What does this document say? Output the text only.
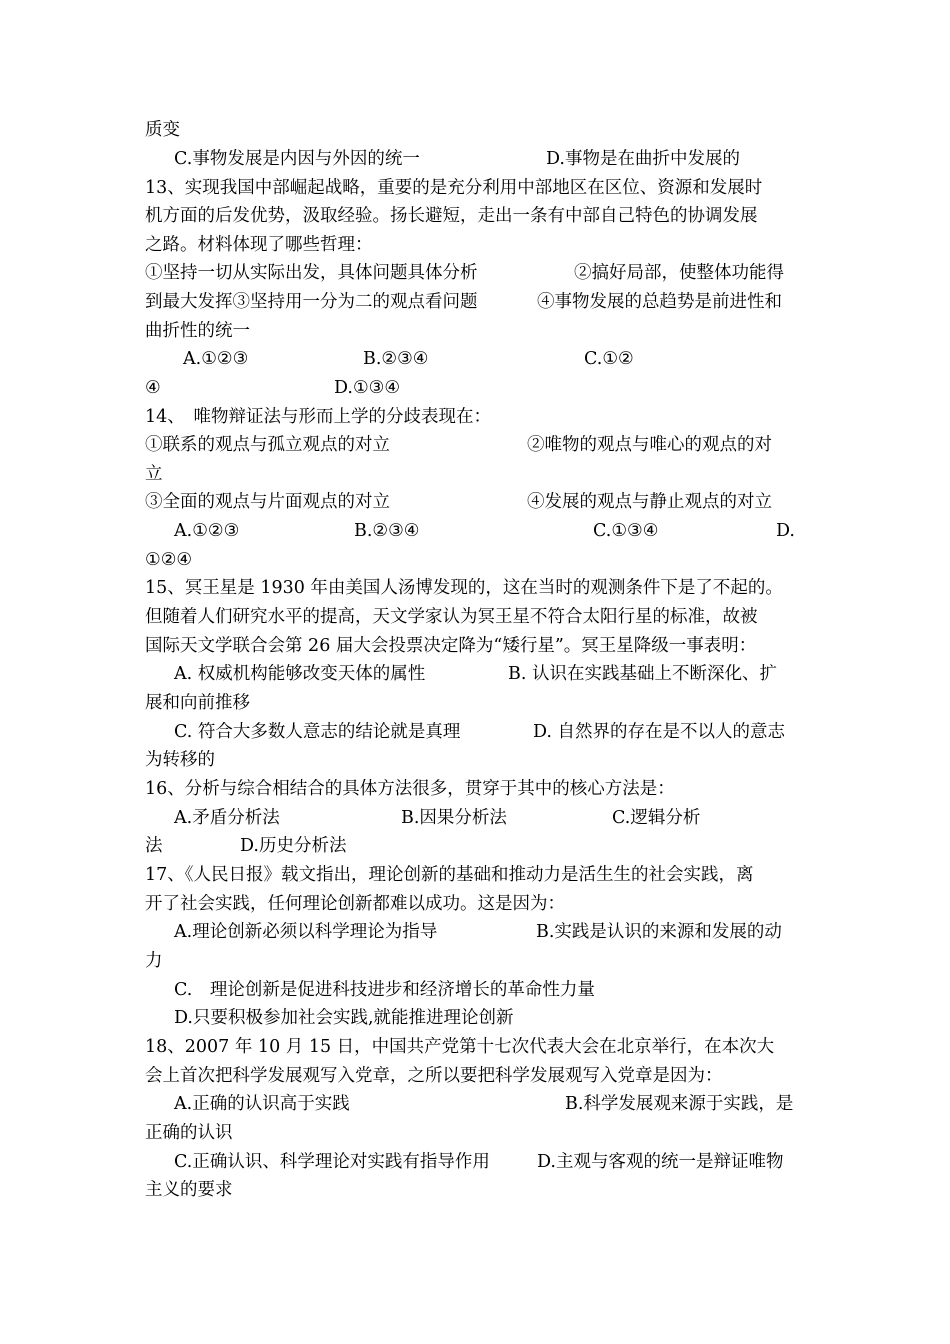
质变
C.事物发展是内因与外因的统一	D.事物是在曲折中发展的
13、实现我国中部崛起战略，重要的是充分利用中部地区在区位、资源和发展时
机方面的后发优势，汲取经验。扬长避短，走出一条有中部自己特色的协调发展
之路。材料体现了哪些哲理：
①坚持一切从实际出发，具体问题具体分析	②搞好局部，使整体功能得
到最大发挥③坚持用一分为二的观点看问题	④事物发展的总趋势是前进性和
曲折性的统一
A.①②③	B.②③④	C.①②
④	D.①③④
14、　唯物辩证法与形而上学的分歧表现在：
①联系的观点与孤立观点的对立	②唯物的观点与唯心的观点的对
立
③全面的观点与片面观点的对立	④发展的观点与静止观点的对立
A.①②③	B.②③④	C.①③④	D.
①②④
15、冥王星是 1930 年由美国人汤博发现的，这在当时的观测条件下是了不起的。
但随着人们研究水平的提高，天文学家认为冥王星不符合太阳行星的标准，故被
国际天文学联合会第 26 届大会投票决定降为“矮行星”。冥王星降级一事表明：
A. 权威机构能够改变天体的属性	B. 认识在实践基础上不断深化、扩
展和向前推移
C. 符合大多数人意志的结论就是真理	D. 自然界的存在是不以人的意志
为转移的
16、分析与综合相结合的具体方法很多，贯穿于其中的核心方法是：
A.矛盾分析法	B.因果分析法	C.逻辑分析
法	D.历史分析法
17、《人民日报》载文指出，理论创新的基础和推动力是活生生的社会实践，离
开了社会实践，任何理论创新都难以成功。这是因为：
A.理论创新必须以科学理论为指导	B.实践是认识的来源和发展的动
力
C.　理论创新是促进科技进步和经济增长的革命性力量
D.只要积极参加社会实践,就能推进理论创新
18、2007 年 10 月 15 日，中国共产党第十七次代表大会在北京举行，在本次大
会上首次把科学发展观写入党章，之所以要把科学发展观写入党章是因为：
A.正确的认识高于实践	B.科学发展观来源于实践，是
正确的认识
C.正确认识、科学理论对实践有指导作用	D.主观与客观的统一是辩证唯物
主义的要求
